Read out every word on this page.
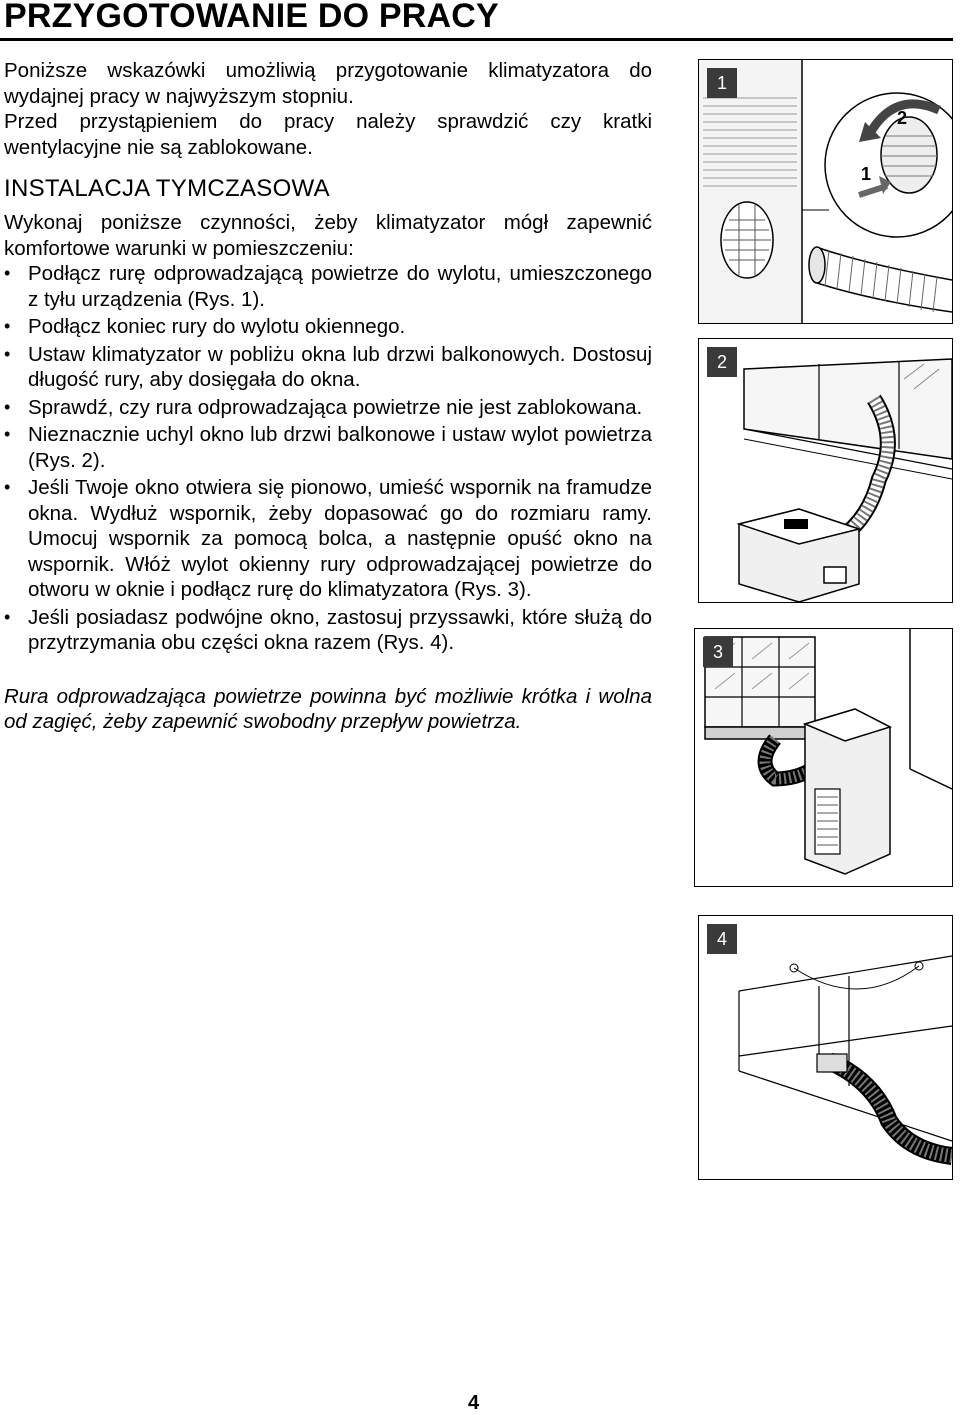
PRZYGOTOWANIE DO PRACY

Poniższe wskazówki umożliwią przygotowanie klimatyzatora do wydajnej pracy w najwyższym stopniu.

Przed przystąpieniem do pracy należy sprawdzić czy kratki wentylacyjne nie są zablokowane.

INSTALACJA TYMCZASOWA

Wykonaj poniższe czynności, żeby klimatyzator mógł zapewnić komfortowe warunki w pomieszczeniu:

• Podłącz rurę odprowadzającą powietrze do wylotu, umieszczonego z tyłu urządzenia (Rys. 1).
• Podłącz koniec rury do wylotu okiennego.
• Ustaw klimatyzator w pobliżu okna lub drzwi balkonowych. Dostosuj długość rury, aby dosięgała do okna.
• Sprawdź, czy rura odprowadzająca powietrze nie jest zablokowana.
• Nieznacznie uchyl okno lub drzwi balkonowe i ustaw wylot powietrza (Rys. 2).
• Jeśli Twoje okno otwiera się pionowo, umieść wspornik na framudze okna. Wydłuż wspornik, żeby dopasować go do rozmiaru ramy. Umocuj wspornik za pomocą bolca, a następnie opuść okno na wspornik. Włóż wylot okienny rury odprowadzającej powietrze do otworu w oknie i podłącz rurę do klimatyzatora (Rys. 3).
• Jeśli posiadasz podwójne okno, zastosuj przyssawki, które służą do przytrzymania obu części okna razem (Rys. 4).

Rura odprowadzająca powietrze powinna być możliwie krótka i wolna od zagięć, żeby zapewnić swobodny przepływ powietrza.

1
1
2
2
3
4
4
